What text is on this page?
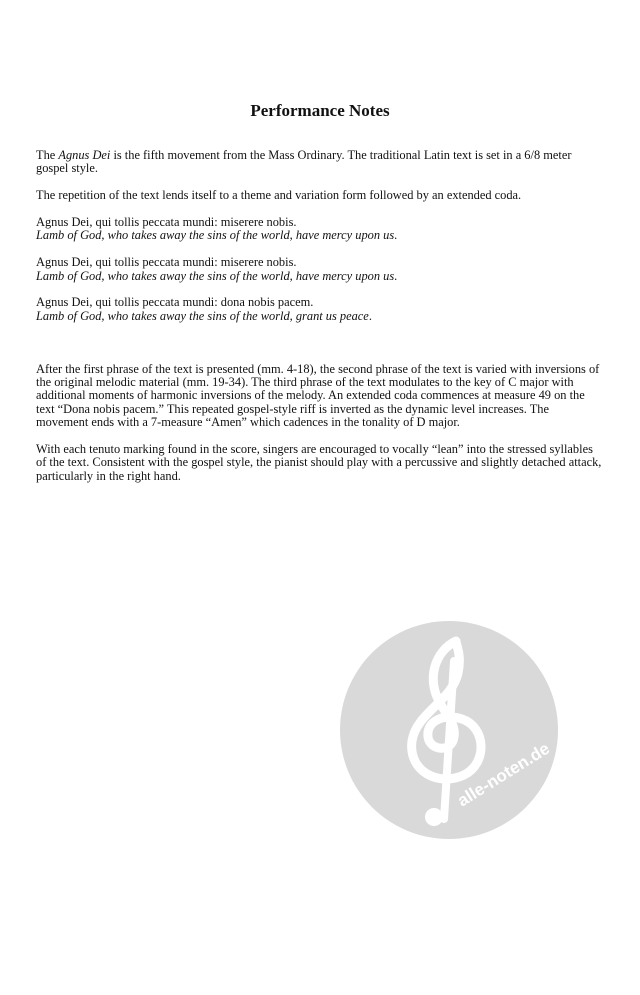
Performance Notes

The Agnus Dei is the fifth movement from the Mass Ordinary. The traditional Latin text is set in a 6/8 meter gospel style.

The repetition of the text lends itself to a theme and variation form followed by an extended coda.

Agnus Dei, qui tollis peccata mundi: miserere nobis.
Lamb of God, who takes away the sins of the world, have mercy upon us.

Agnus Dei, qui tollis peccata mundi: miserere nobis.
Lamb of God, who takes away the sins of the world, have mercy upon us.

Agnus Dei, qui tollis peccata mundi: dona nobis pacem.
Lamb of God, who takes away the sins of the world, grant us peace.

After the first phrase of the text is presented (mm. 4-18), the second phrase of the text is varied with inversions of the original melodic material (mm. 19-34). The third phrase of the text modulates to the key of C major with additional moments of harmonic inversions of the melody. An extended coda commences at measure 49 on the text “Dona nobis pacem.” This repeated gospel-style riff is inverted as the dynamic level increases. The movement ends with a 7-measure “Amen” which cadences in the tonality of D major.

With each tenuto marking found in the score, singers are encouraged to vocally “lean” into the stressed syllables of the text. Consistent with the gospel style, the pianist should play with a percussive and slightly detached attack, particularly in the right hand.

alle-noten.de
